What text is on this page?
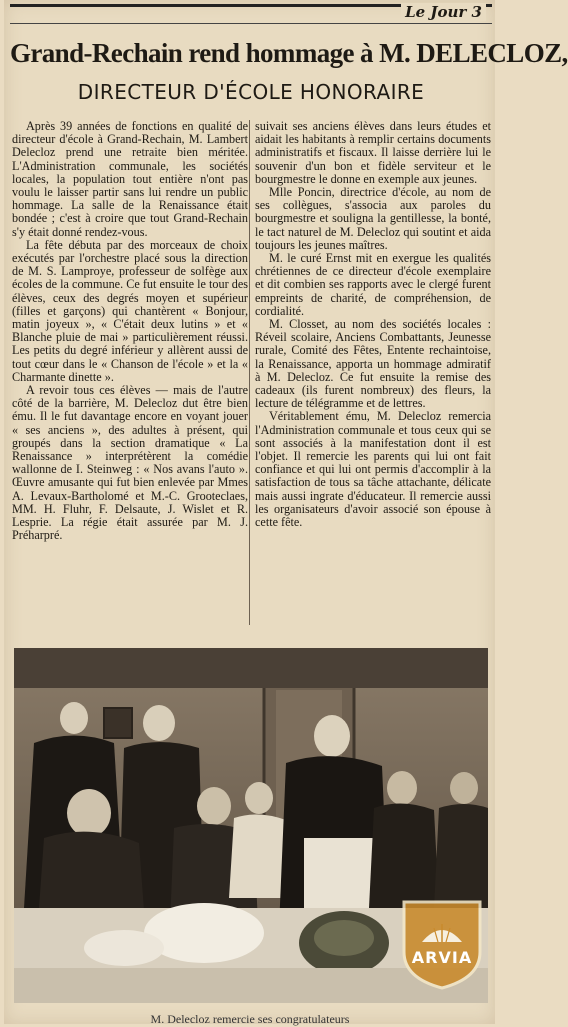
Le Jour 3
Grand-Rechain rend hommage à M. DELECLOZ,
DIRECTEUR D'ÉCOLE HONORAIRE

Après 39 années de fonctions en qualité de directeur d'école à Grand-Rechain, M. Lambert Delecloz prend une retraite bien méritée. L'Administration communale, les sociétés locales, la population tout entière n'ont pas voulu le laisser partir sans lui rendre un public hommage. La salle de la Renaissance était bondée ; c'est à croire que tout Grand-Rechain s'y était donné rendez-vous.

La fête débuta par des morceaux de choix exécutés par l'orchestre placé sous la direction de M. S. Lamproye, professeur de solfège aux écoles de la commune. Ce fut ensuite le tour des élèves, ceux des degrés moyen et supérieur (filles et garçons) qui chantèrent « Bonjour, matin joyeux », « C'était deux lutins » et « Blanche pluie de mai » particulièrement réussi. Les petits du degré inférieur y allèrent aussi de tout cœur dans le « Chanson de l'école » et la « Charmante dinette ».

A revoir tous ces élèves — mais de l'autre côté de la barrière, M. Delecloz dut être bien ému. Il le fut davantage encore en voyant jouer « ses anciens », des adultes à présent, qui groupés dans la section dramatique « La Renaissance » interprétèrent la comédie wallonne de I. Steinweg : « Nos avans l'auto ». Œuvre amusante qui fut bien enlevée par Mmes A. Levaux-Bartholomé et M.-C. Grooteclaes, MM. H. Fluhr, F. Delsaute, J. Wislet et R. Lesprie. La régie était assurée par M. J. Préharpré.

suivait ses anciens élèves dans leurs études et aidait les habitants à remplir certains documents administratifs et fiscaux. Il laisse derrière lui le souvenir d'un bon et fidèle serviteur et le bourgmestre le donne en exemple aux jeunes.

Mlle Poncin, directrice d'école, au nom de ses collègues, s'associa aux paroles du bourgmestre et souligna la gentillesse, la bonté, le tact naturel de M. Delecloz qui soutint et aida toujours les jeunes maîtres.

M. le curé Ernst mit en exergue les qualités chrétiennes de ce directeur d'école exemplaire et dit combien ses rapports avec le clergé furent empreints de charité, de compréhension, de cordialité.

M. Closset, au nom des sociétés locales : Réveil scolaire, Anciens Combattants, Jeunesse rurale, Comité des Fêtes, Entente rechaintoise, la Renaissance, apporta un hommage admiratif à M. Delecloz. Ce fut ensuite la remise des cadeaux (ils furent nombreux) des fleurs, la lecture de télégramme et de lettres.

Véritablement ému, M. Delecloz remercia l'Administration communale et tous ceux qui se sont associés à la manifestation dont il est l'objet. Il remercie les parents qui lui ont fait confiance et qui lui ont permis d'accomplir à la satisfaction de tous sa tâche attachante, délicate mais aussi ingrate d'éducateur. Il remercie aussi les organisateurs d'avoir associé son épouse à cette fête.

ARVIA
M. Delecloz remercie ses congratulateurs
